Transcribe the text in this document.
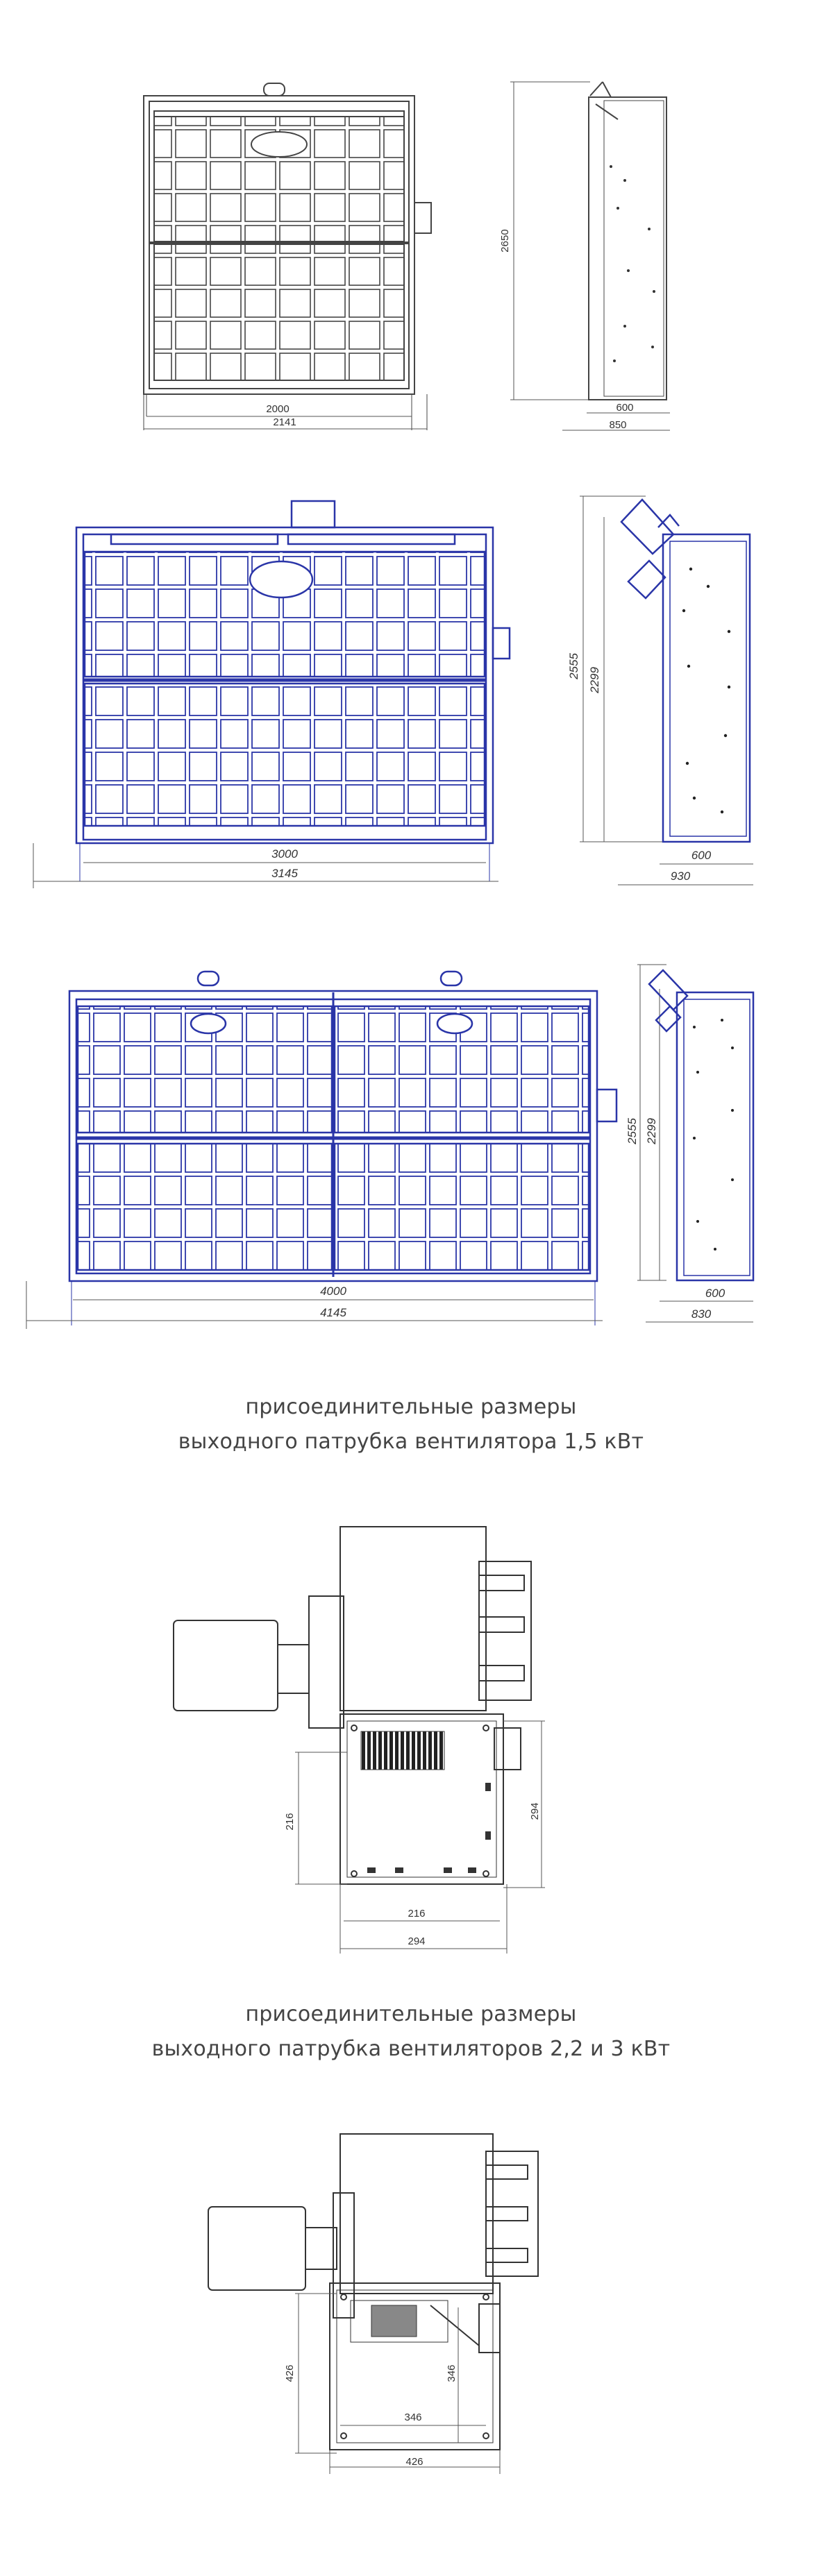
2000
2141
2650
600
850
3000
3145
2555
2299
600
930
4000
4145
2555 2299
600
830
216
294
216
294
426	346
346
426
присоединительные размеры
выходного патрубка вентилятора 1,5 кВт
присоединительные размеры
выходного патрубка вентиляторов 2,2 и 3 кВт
